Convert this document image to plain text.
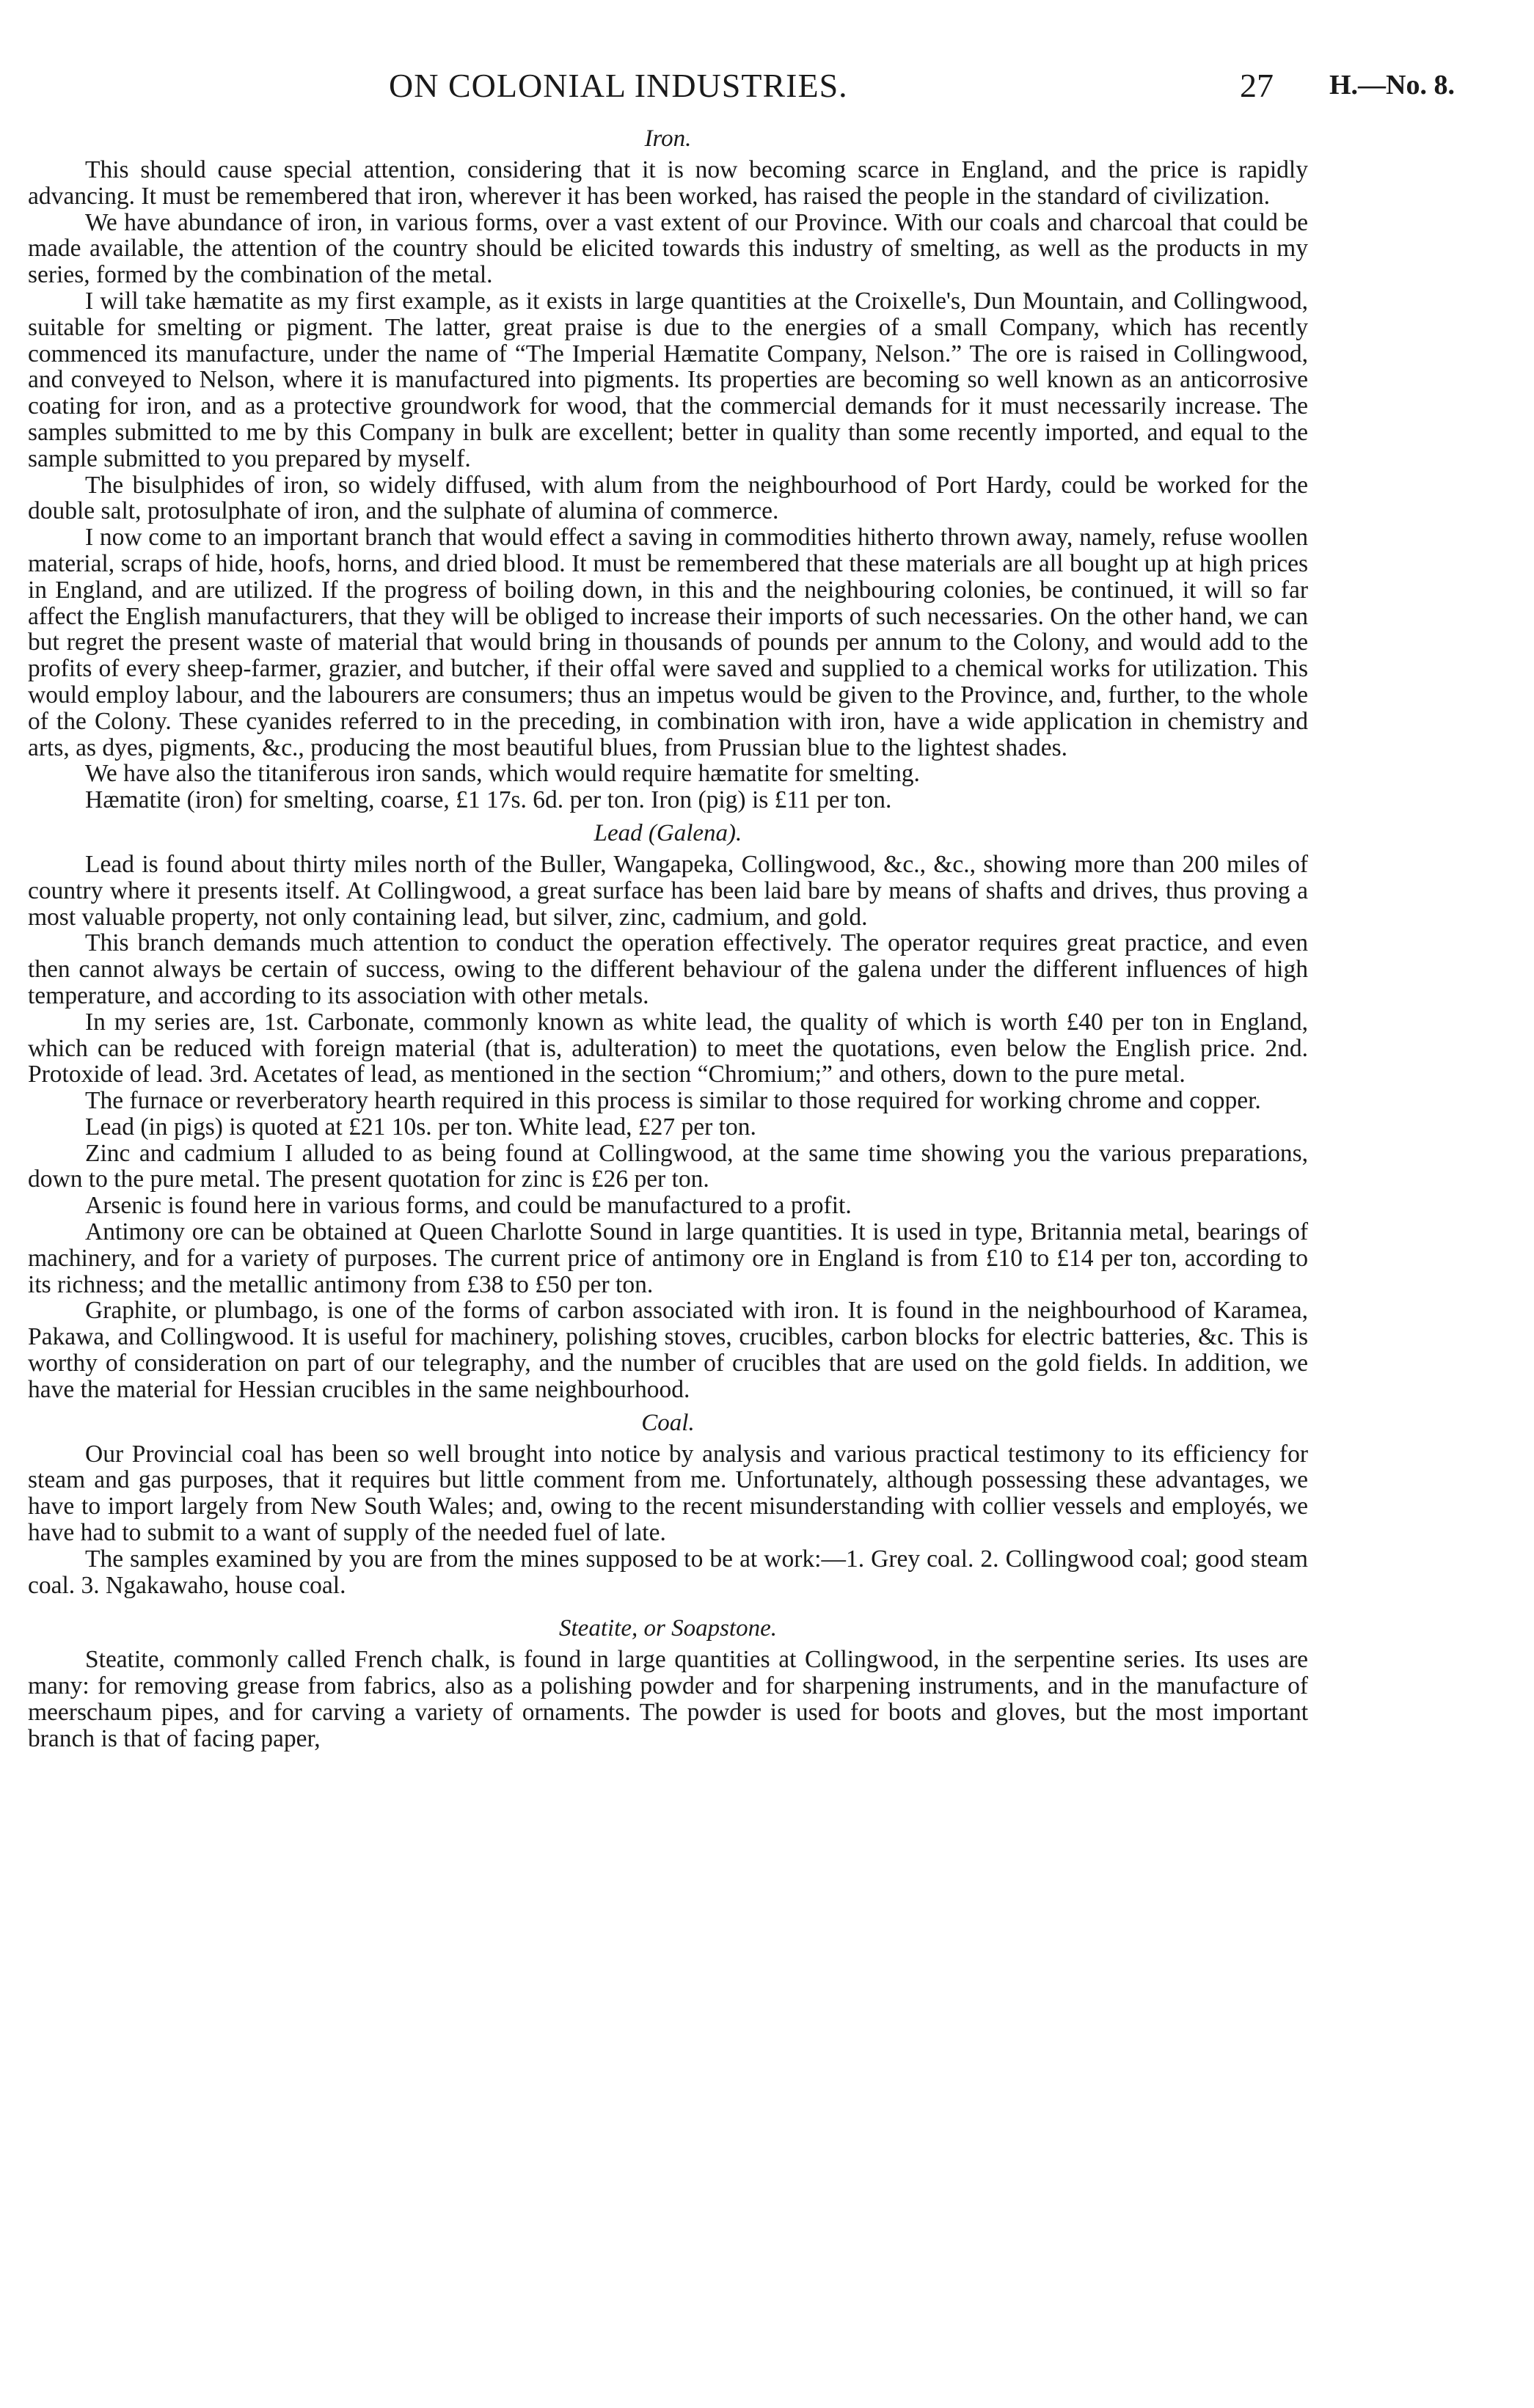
ON COLONIAL INDUSTRIES.	27 H.—No. 8.
Iron.

This should cause special attention, considering that it is now becoming scarce in England, and the price is rapidly advancing. It must be remembered that iron, wherever it has been worked, has raised the people in the standard of civilization.

We have abundance of iron, in various forms, over a vast extent of our Province. With our coals and charcoal that could be made available, the attention of the country should be elicited towards this industry of smelting, as well as the products in my series, formed by the combination of the metal.

I will take hæmatite as my first example, as it exists in large quantities at the Croixelle's, Dun Mountain, and Collingwood, suitable for smelting or pigment. The latter, great praise is due to the energies of a small Company, which has recently commenced its manufacture, under the name of “The Imperial Hæmatite Company, Nelson.” The ore is raised in Collingwood, and conveyed to Nelson, where it is manufactured into pigments. Its properties are becoming so well known as an anticorrosive coating for iron, and as a protective groundwork for wood, that the commercial demands for it must necessarily increase. The samples submitted to me by this Company in bulk are excellent; better in quality than some recently imported, and equal to the sample submitted to you prepared by myself.

The bisulphides of iron, so widely diffused, with alum from the neighbourhood of Port Hardy, could be worked for the double salt, protosulphate of iron, and the sulphate of alumina of commerce.

I now come to an important branch that would effect a saving in commodities hitherto thrown away, namely, refuse woollen material, scraps of hide, hoofs, horns, and dried blood. It must be remembered that these materials are all bought up at high prices in England, and are utilized. If the progress of boiling down, in this and the neighbouring colonies, be continued, it will so far affect the English manufacturers, that they will be obliged to increase their imports of such necessaries. On the other hand, we can but regret the present waste of material that would bring in thousands of pounds per annum to the Colony, and would add to the profits of every sheep-farmer, grazier, and butcher, if their offal were saved and supplied to a chemical works for utilization. This would employ labour, and the labourers are consumers; thus an impetus would be given to the Province, and, further, to the whole of the Colony. These cyanides referred to in the preceding, in combination with iron, have a wide application in chemistry and arts, as dyes, pigments, &c., producing the most beautiful blues, from Prussian blue to the lightest shades.

We have also the titaniferous iron sands, which would require hæmatite for smelting.

Hæmatite (iron) for smelting, coarse, £1 17s. 6d. per ton. Iron (pig) is £11 per ton.

Lead (Galena).

Lead is found about thirty miles north of the Buller, Wangapeka, Collingwood, &c., &c., showing more than 200 miles of country where it presents itself. At Collingwood, a great surface has been laid bare by means of shafts and drives, thus proving a most valuable property, not only containing lead, but silver, zinc, cadmium, and gold.

This branch demands much attention to conduct the operation effectively. The operator requires great practice, and even then cannot always be certain of success, owing to the different behaviour of the galena under the different influences of high temperature, and according to its association with other metals.

In my series are, 1st. Carbonate, commonly known as white lead, the quality of which is worth £40 per ton in England, which can be reduced with foreign material (that is, adulteration) to meet the quotations, even below the English price. 2nd. Protoxide of lead. 3rd. Acetates of lead, as mentioned in the section “Chromium;” and others, down to the pure metal.

The furnace or reverberatory hearth required in this process is similar to those required for working chrome and copper.

Lead (in pigs) is quoted at £21 10s. per ton. White lead, £27 per ton.

Zinc and cadmium I alluded to as being found at Collingwood, at the same time showing you the various preparations, down to the pure metal. The present quotation for zinc is £26 per ton.

Arsenic is found here in various forms, and could be manufactured to a profit.

Antimony ore can be obtained at Queen Charlotte Sound in large quantities. It is used in type, Britannia metal, bearings of machinery, and for a variety of purposes. The current price of antimony ore in England is from £10 to £14 per ton, according to its richness; and the metallic antimony from £38 to £50 per ton.

Graphite, or plumbago, is one of the forms of carbon associated with iron. It is found in the neighbourhood of Karamea, Pakawa, and Collingwood. It is useful for machinery, polishing stoves, crucibles, carbon blocks for electric batteries, &c. This is worthy of consideration on part of our telegraphy, and the number of crucibles that are used on the gold fields. In addition, we have the material for Hessian crucibles in the same neighbourhood.

Coal.

Our Provincial coal has been so well brought into notice by analysis and various practical testimony to its efficiency for steam and gas purposes, that it requires but little comment from me. Unfortunately, although possessing these advantages, we have to import largely from New South Wales; and, owing to the recent misunderstanding with collier vessels and employés, we have had to submit to a want of supply of the needed fuel of late.

The samples examined by you are from the mines supposed to be at work:—1. Grey coal. 2. Collingwood coal; good steam coal. 3. Ngakawaho, house coal.

Steatite, or Soapstone.

Steatite, commonly called French chalk, is found in large quantities at Collingwood, in the serpentine series. Its uses are many: for removing grease from fabrics, also as a polishing powder and for sharpening instruments, and in the manufacture of meerschaum pipes, and for carving a variety of ornaments. The powder is used for boots and gloves, but the most important branch is that of facing paper,
